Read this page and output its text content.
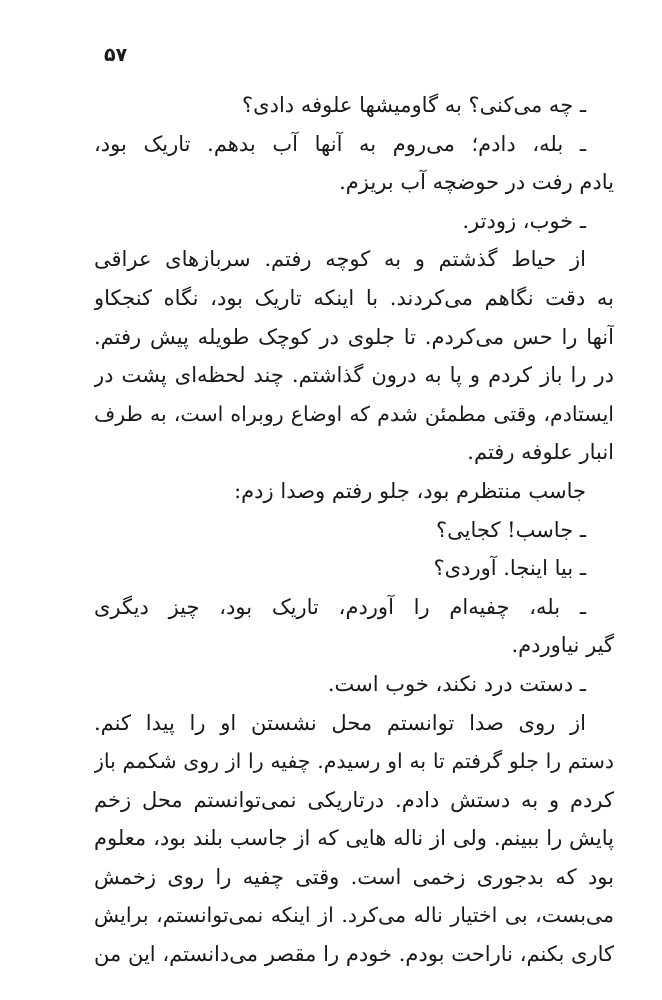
۵۷
ـ چه می‌کنی؟ به گاومیشها علوفه دادی؟
ـ بله، دادم؛ می‌روم به آنها آب بدهم. تاریک بود،
یادم رفت در حوضچه آب بریزم.
ـ خوب، زودتر.
از حیاط گذشتم و به کوچه رفتم. سربازهای عراقی
به دقت نگاهم می‌کردند. با اینکه تاریک بود، نگاه کنجکاو
آنها را حس می‌کردم. تا جلوی در کوچک طویله پیش رفتم.
در را باز کردم و پا به درون گذاشتم. چند لحظه‌ای پشت در
ایستادم، وقتی مطمئن شدم که اوضاع روبراه است، به طرف
انبار علوفه رفتم.
جاسب منتظرم بود، جلو رفتم وصدا زدم:
ـ جاسب! کجایی؟
ـ بیا اینجا. آوردی؟
ـ بله، چفیه‌ام را آوردم، تاریک بود، چیز دیگری
گیر نیاوردم.
ـ دستت درد نکند، خوب است.
از روی صدا توانستم محل نشستن او را پیدا کنم.
دستم را جلو گرفتم تا به او رسیدم. چفیه را از روی شکمم باز
کردم و به دستش دادم. درتاریکی نمی‌توانستم محل زخم
پایش را ببینم. ولی از ناله هایی که از جاسب بلند بود، معلوم
بود که بدجوری زخمی است. وقتی چفیه را روی زخمش
می‌بست، بی اختیار ناله می‌کرد. از اینکه نمی‌توانستم، برایش
کاری بکنم، ناراحت بودم. خودم را مقصر می‌دانستم، این من
